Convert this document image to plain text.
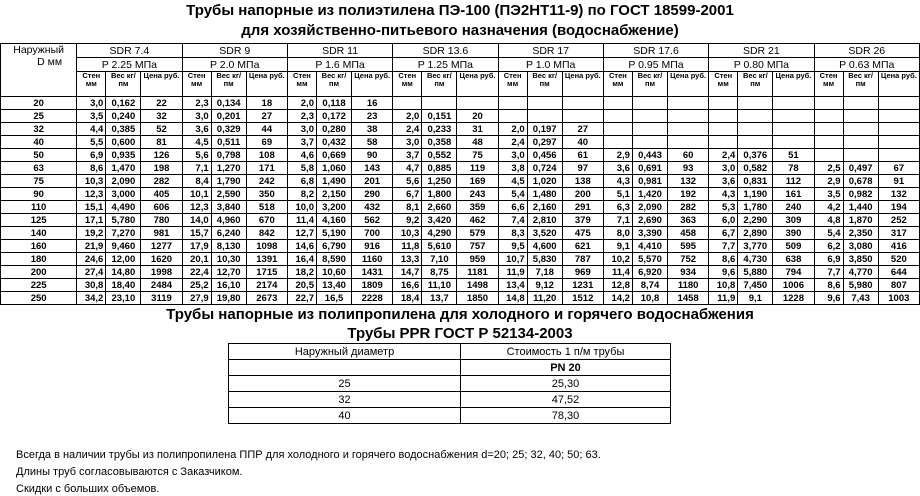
Трубы напорные из полиэтилена ПЭ-100 (ПЭ2НТ11-9) по ГОСТ 18599-2001
для хозяйственно-питьевого назначения (водоснабжение)
Наружный
D мм	SDR 7.4			SDR 9			SDR 11			SDR 13.6			SDR 17			SDR 17.6			SDR 21			SDR 26		
	P 2.25 МПа			P 2.0 МПа			P 1.6 МПа			P 1.25 МПа			P 1.0 МПа			P 0.95 МПа			P 0.80 МПа			P 0.63 МПа		
	Стен мм	Вес кг/пм	Цена руб.	Стен мм	Вес кг/пм	Цена руб.	Стен мм	Вес кг/пм	Цена руб.	Стен мм	Вес кг/пм	Цена руб.	Стен мм	Вес кг/пм	Цена руб.	Стен мм	Вес кг/пм	Цена руб.	Стен мм	Вес кг/пм	Цена руб.	Стен мм	Вес кг/пм	Цена руб.
20	3,0	0,162	22	2,3	0,134	18	2,0	0,118	16															
25	3,5	0,240	32	3,0	0,201	27	2,3	0,172	23	2,0	0,151	20												
32	4,4	0,385	52	3,6	0,329	44	3,0	0,280	38	2,4	0,233	31	2,0	0,197	27									
40	5,5	0,600	81	4,5	0,511	69	3,7	0,432	58	3,0	0,358	48	2,4	0,297	40									
50	6,9	0,935	126	5,6	0,798	108	4,6	0,669	90	3,7	0,552	75	3,0	0,456	61	2,9	0,443	60	2,4	0,376	51			
63	8,6	1,470	198	7,1	1,270	171	5,8	1,060	143	4,7	0,885	119	3,8	0,724	97	3,6	0,691	93	3,0	0,582	78	2,5	0,497	67
75	10,3	2,090	282	8,4	1,790	242	6,8	1,490	201	5,6	1,250	169	4,5	1,020	138	4,3	0,981	132	3,6	0,831	112	2,9	0,678	91
90	12,3	3,000	405	10,1	2,590	350	8,2	2,150	290	6,7	1,800	243	5,4	1,480	200	5,1	1,420	192	4,3	1,190	161	3,5	0,982	132
110	15,1	4,490	606	12,3	3,840	518	10,0	3,200	432	8,1	2,660	359	6,6	2,160	291	6,3	2,090	282	5,3	1,780	240	4,2	1,440	194
125	17,1	5,780	780	14,0	4,960	670	11,4	4,160	562	9,2	3,420	462	7,4	2,810	379	7,1	2,690	363	6,0	2,290	309	4,8	1,870	252
140	19,2	7,270	981	15,7	6,240	842	12,7	5,190	700	10,3	4,290	579	8,3	3,520	475	8,0	3,390	458	6,7	2,890	390	5,4	2,350	317
160	21,9	9,460	1277	17,9	8,130	1098	14,6	6,790	916	11,8	5,610	757	9,5	4,600	621	9,1	4,410	595	7,7	3,770	509	6,2	3,080	416
180	24,6	12,00	1620	20,1	10,30	1391	16,4	8,590	1160	13,3	7,10	959	10,7	5,830	787	10,2	5,570	752	8,6	4,730	638	6,9	3,850	520
200	27,4	14,80	1998	22,4	12,70	1715	18,2	10,60	1431	14,7	8,75	1181	11,9	7,18	969	11,4	6,920	934	9,6	5,880	794	7,7	4,770	644
225	30,8	18,40	2484	25,2	16,10	2174	20,5	13,40	1809	16,6	11,10	1498	13,4	9,12	1231	12,8	8,74	1180	10,8	7,450	1006	8,6	5,980	807
250	34,2	23,10	3119	27,9	19,80	2673	22,7	16,5	2228	18,4	13,7	1850	14,8	11,20	1512	14,2	10,8	1458	11,9	9,1	1228	9,6	7,43	1003
Трубы напорные из полипропилена для холодного и горячего водоснабжения
Трубы PPR ГОСТ Р 52134-2003
Наружный диаметр	Стоимость 1 п/м трубы
	PN 20
25	25,30
32	47,52
40	78,30
Всегда в наличии трубы из полипропилена ППР для холодного и горячего водоснабжения d=20; 25; 32, 40; 50; 63.
Длины труб согласовываются с Заказчиком.
Скидки с больших объемов.
